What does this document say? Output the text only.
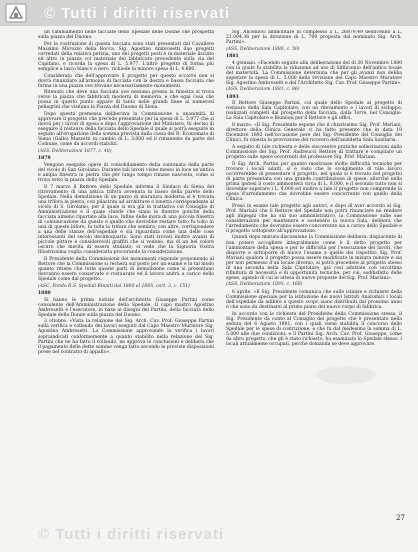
© Tutti i diritti riservati

un cambiamento nelle facciate dello Spedale delle Donne che prospetta sulla piazza del Duomo.

Per la costruzione di questa facciata sono stati presentati dal Cavaliere Massimo Morozzo della Rocca, Sig. Agostino Ambrosetti due progetti corredati della relativa perizia, uno dei progetti posti è in materiale lisciato ed altro in piazza col materiale del fabbricato precedente sulla via del Capitano, e ricorda la spesa di L. 5.977. L'altro progetto di forma più semplice a lasco bianco e nero, richiede la minore spesa di L. 4.600.

Considerato che dell'approvare il progetto per questo occorre non si dovrà rinunziare all'armonia di facciata con la destra e bassa facciata che forma in una piazza ove trovano necessariamente monumenti.

Ritenuto che deve una facciata ove nessuno presso la finestra si trova verso la piazza che fabbricati moderni di memoria, e che ogni cosa che possa in questo punto appare di tanto nelle grandi linee ai numerosi pellegrini che visitano la Piazza del Duomo di Siena.

Dopo questa premessa deliberava la Commissione a unanimità di approvare il progetto che precede presentato per la spesa di L. 5.977 che si dovrà per i lavori di spesa e dopo l'approvazione del Ministero, fu deciso di eseguire il restauro della facciata dello Spedale il quale si potrà eseguire in seguito all'erogazione della somma prevista dalla cassa del R. Economato di Siena (Gallo) Mazzetti in cambio di L. 3.000 ed il rimanente da parte del Comune, come da accordi stabiliti.

(ASS. Deliberazioni 1877, c. 48)

1879

Vengono eseguite opere di consolidamento della cantonata della parte del vicolo di San Girolamo. Durante tali lavori viene messo in luce un'antica e ampia finestra in pietra che per lungo tempo rimase nascosta, come si trova sotto la piazza dello Spedale.

Il 7 marzo il Rettore dello Spedale informa il Sindaco di Siena del ritrovamento di una antica trifora avvenuta in basso della parete dello Spedale. Nella demolizione di un pezzo di muratura moderna si è trovata una trifora in pietra, con pilastrini ad architrave e lunetta corrispondente al vicolo di S. Girolamo, per il quale si era già in trattativa col Consiglio di Amministrazione e il quale chiede che siano le finestre gotiche della facciata almeno riportate alla luce. Infine delle mura di una piccola finestra di comunicazione da questo e quello che dovrebbe restare tutto fu tolto in una di queste bifore, fu tolta la trifora che sembra, con altre, corrispondere a una delle stanze dell'ospedale e sia riguardata come una delle cose interessanti del secolo decimoquarto. Sono stati trovati inoltre avanzi di piccole pitture e considerevoli graffiti che si vedono, ma di un bel colore oscuro che merita di essere studiato; si vede che la Signoria Vostra Illustrissima voglia considerarla procurando la considerazione.

Il Presidente della Commissione dei monumenti risponde proponendo al Rettore che la Commissione si recherà sul posto per un esame e in tal modo quanto ritiene che tutte queste parti di demolizione come si presentano dovranno essere conservate e restaurate ed il lavoro andrà a carico dello Spedale come dal progetto.

(ASC, Fondo R.S. Spedali Riuniti dal 1880 al 1885, cart. 3, c. 151)

1880

Si hanno le prime notizie dell'architetto Giuseppe Partini come consulente dell'Amministrazione della Spedale. Il capo mastro Agostino Ambrosetti è l'esecutore, in base ai disegni del Partini, della facciata dello Spedale delle Donne sulla piazza del Duomo.

3 ottobre. «Vista la relazione del Sig. Arch. Cav. Prof. Giuseppe Partini sulla verifica e collaudo dei lavori eseguiti dal Capo Maestro Muratore Sig. Agostino Ambrosetti. La Commissione approvando la verifica i lavori sopraindicati conformemente a quanto stabilito nella relazione del Sig. Partini che ne ha fatto il collaudo, ne approva le conclusioni e delibera che il pagamento delle dette somme venga fatto secondo le previste disposizioni prese nel contratto di appalto».

Sig. Ancenioci ammontare in complesso a L. 26879,49 deducendo a L. 21.004.36 per la direzione di L. 700 proposta dal nominato Sig. Arch. Partini».

(ASS, Deliberazioni 1880, c. 50)

1881

4 gennaio. «Facendo seguito alla deliberazione del di 30 Novembre 1880 con la quale fu stabilita la riduzione ad uso di Sifilicomio dell'antico locale del maternità. La Commissione determina che per gli avanzi non debba superare la spesa di L. 5.000 della revisione del Capo Maestro Muratore Sig. Agostino Ambrosetti e del l'Architetto Sig. Cav. Prof. Giuseppe Partini».

(ASS, Deliberazioni 1881, c. 86)

1893

Il Rettore Giuseppe Partini, col quale dello Spedale al progetto di restauro della Sala Capitolare, con un rilevamento e i lavori di sviluppo, realizzati completi dal prospetto della facciata, dalla Torre, nel Consiglio. La Sala Capitolare e Riunioni per il Rettore e gli uffici.

8 marzo. «Il Sig. Presidente espone che il chiarissimo Sig. Prof. Mariani, direttore della Clinica Generale ci ha fatto presente che in data 18 Dicembre 1892 nell'occasione pere del Sig. Presidente del Consiglio dei Clinici, fu chiesta la provvisione del ricovero dell'anzidetta Sala Sanitaria.

A seguito di tale richiesta e delle successive pratiche sollecitazioni dalla Commissione del Sig. Prof. Andreucci Rettore di trattare e compilare un progetto sulle opere occorrenti del professore Sig. Prof. Mariani.

Il Sig. Arch. Partini per quanto mostrasse molte difficoltà tecniche per trovare i locali adatti, si è visto che lo svolgimento di tale lavoro occorrerebbe di presentare il progetto, nel quale si è trovato nel progetto di parte presentata con una grande contribuzione di spese, allorché nella prima ipotesi il costo ammonterà circa di L. 8.000, e il secondo tutto non si dovrebbe superare i L. 4.000 ed inoltre a tale il progetto non comprende la spesa d'arredamento che dovrebbe essere concorrente con quello della Clinica.

Preso in esame tale progetto agli autori, e dopo di aver accordo al Sig. Prof. Mariani che il Rettore del Spedale non potrà rinunciare né rendere agli impegni che ha sul suo amministrativo, la Commissione sulle sue considerazioni per mantenere e sostenere la nuova Sala, delibera che l'arredamento che dovranno essere concorrente sia a carico dello Spedale e il progetto sottoposto all'approvazione.

Quindi dopo matura discussione la Commissione delibera: dispiacente di non potere accogliere integralmente come è il detto progetto per l'ammontare della spesa e per le difficoltà per l'esecuzione dei lavori, che disporre e sottoporre di nuovo l'esame a quello dei rispettivi Sig. Prof. Mariani qualora il progetto possa essere modificato in misura minore e sia per non permesso d'un locale diverso, si potrà procedere al progetto stesso di una seconda nella Sala Capitolare, già così adattate con un'ottima rifinitura di necessità e di opportunità tecniche, per cui, soddisfatto delle spese, agendo di cui in attesa di nuove proposte del Sig. Prof. Mariani».

(ASS, Deliberazioni 1893, c. 168)

6 aprile. «Il Sig. Presidente comunica che sulle istanze e richieste della Commissione speciale per la istituzione dei nuovi Istituti Anatomici i locali dell'ospedale da adibire a questo scopo siano distribuiti dal prossimo anno e che sono da destinarsi al primo piano del nuovo corpo di fabbrica.

In accordo con le richieste del Presidente della Commissione stessa, il Sig. Presidente dà conto al Consiglio del progetto che è presentato nella seduta del 6 Agosto 1891, con i quali viene stabilita il concorso dello Spedale per le spese di costruzione, e che fu dal medesimo la somma di L. 5.000 alle due condizioni, e il Partini Sig. Arch. Cav. Prof. Giuseppe, come da altro progetto, che gli è stato richiesto, ha esaminato lo Spedale stesso, i locali attualmente occupati, perché domanda se deve approvare.

27
© Tutti i diritti riservati
